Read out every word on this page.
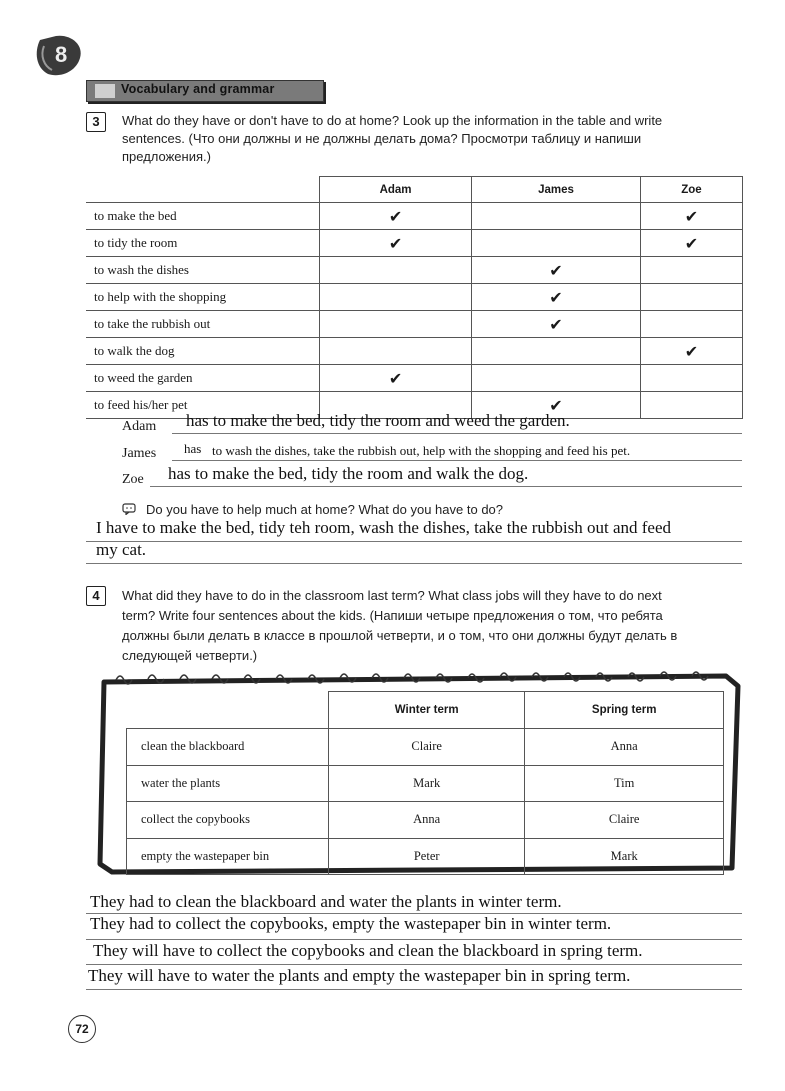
8
Vocabulary and grammar
3	What do they have or don't have to do at home? Look up the information in the table and write
sentences. (Что они должны и не должны делать дома? Просмотри таблицу и напиши
предложения.)
	Adam	James	Zoe
to make the bed	✔		✔
to tidy the room	✔		✔
to wash the dishes		✔	
to help with the shopping		✔	
to take the rubbish out		✔	
to walk the dog			✔
to weed the garden	✔		
to feed his/her pet		✔	
Adam has to make the bed, tidy the room and weed the garden.
James has to wash the dishes, take the rubbish out, help with the shopping and feed his pet.
Zoe has to make the bed, tidy the room and walk the dog.
Do you have to help much at home? What do you have to do?
I have to make the bed, tidy teh room, wash the dishes, take the rubbish out and feed
my cat.
4	What did they have to do in the classroom last term? What class jobs will they have to do next
term? Write four sentences about the kids. (Напиши четыре предложения о том, что ребята
должны были делать в классе в прошлой четверти, и о том, что они должны будут делать в
следующей четверти.)
	Winter term	Spring term
clean the blackboard	Claire	Anna
water the plants	Mark	Tim
collect the copybooks	Anna	Claire
empty the wastepaper bin	Peter	Mark
They had to clean the blackboard and water the plants in winter term.
They had to collect the copybooks, empty the wastepaper bin in winter term.
They will have to collect the copybooks and clean the blackboard in spring term.
They will have to water the plants and empty the wastepaper bin in spring term.
72
